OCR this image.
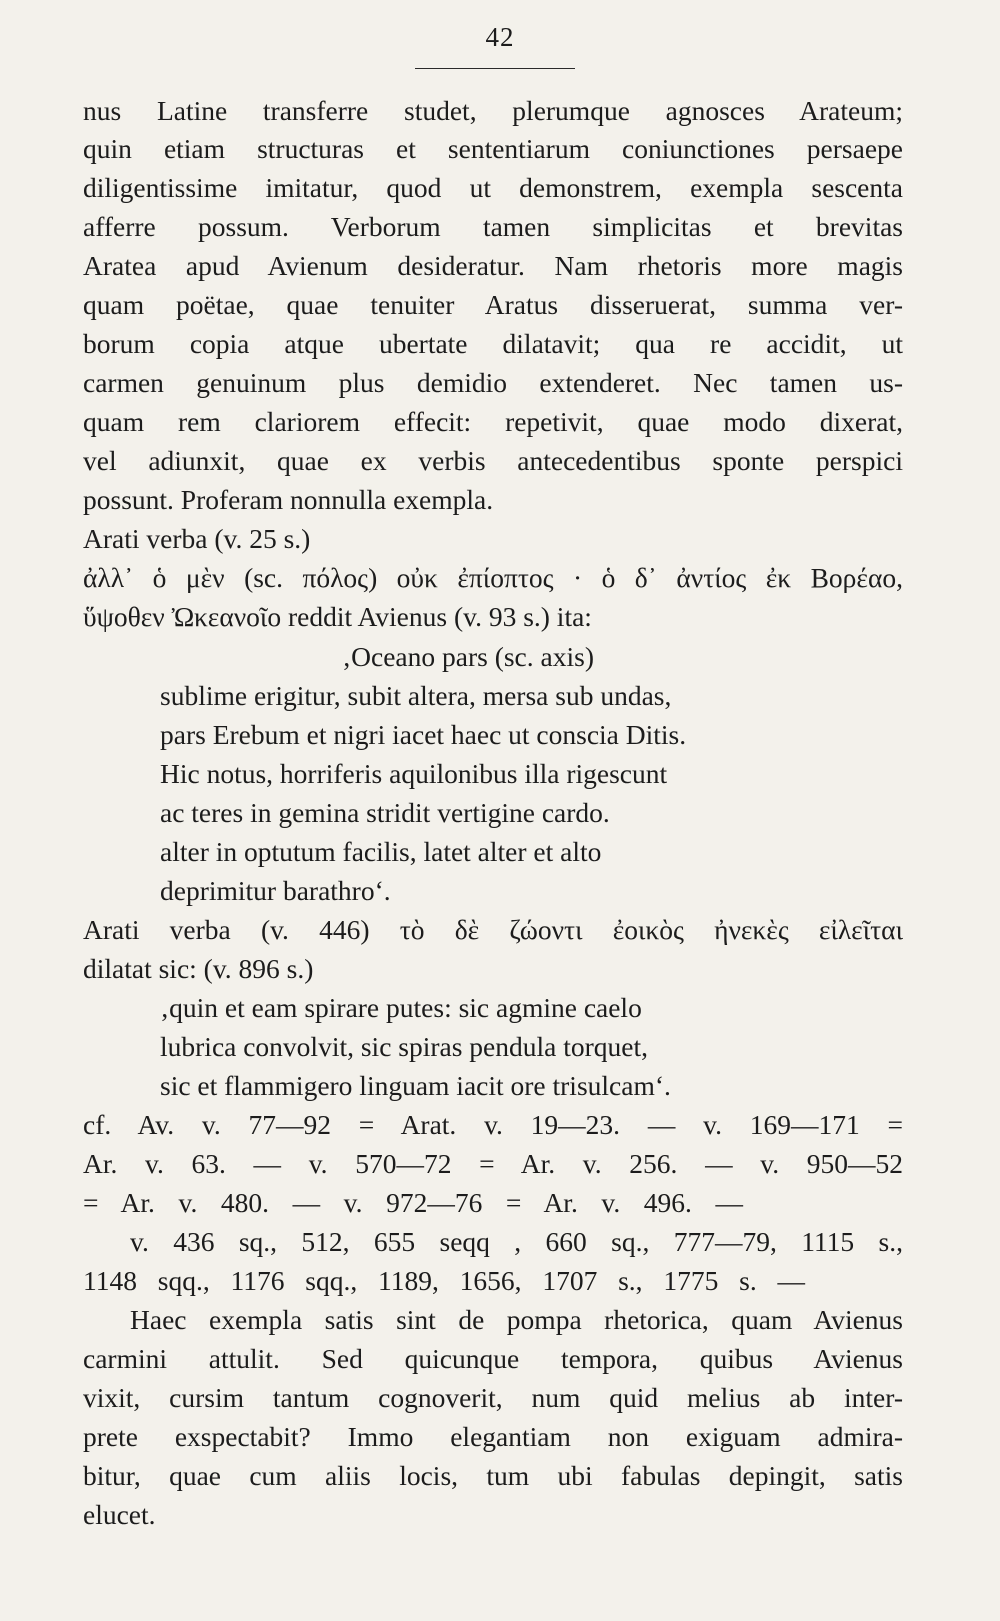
42
nus Latine transferre studet, plerumque agnosces Arateum;
quin etiam structuras et sententiarum coniunctiones persaepe
diligentissime imitatur, quod ut demonstrem, exempla sescenta
afferre possum. Verborum tamen simplicitas et brevitas
Aratea apud Avienum desideratur. Nam rhetoris more magis
quam poëtae, quae tenuiter Aratus disseruerat, summa ver-
borum copia atque ubertate dilatavit; qua re accidit, ut
carmen genuinum plus demidio extenderet. Nec tamen us-
quam rem clariorem effecit: repetivit, quae modo dixerat,
vel adiunxit, quae ex verbis antecedentibus sponte perspici
possunt. Proferam nonnulla exempla.
Arati verba (v. 25 s.)
ἀλλ᾽ ὁ μὲν (sc. πόλος) οὐκ ἐπίοπτος · ὁ δ᾽ ἀντίος ἐκ Βορέαο,
ὕψοθεν Ὠκεανοῖο reddit Avienus (v. 93 s.) ita:
‚Oceano pars (sc. axis)
sublime erigitur, subit altera, mersa sub undas,
pars Erebum et nigri iacet haec ut conscia Ditis.
Hic notus, horriferis aquilonibus illa rigescunt
ac teres in gemina stridit vertigine cardo.
alter in optutum facilis, latet alter et alto
deprimitur barathro‘.
Arati verba (v. 446) τὸ δὲ ζώοντι ἐοικὸς ἠνεκὲς εἰλεῖται
dilatat sic: (v. 896 s.)
‚quin et eam spirare putes: sic agmine caelo
lubrica convolvit, sic spiras pendula torquet,
sic et flammigero linguam iacit ore trisulcam‘.
cf. Av. v. 77—92 = Arat. v. 19—23. — v. 169—171 =
Ar. v. 63. — v. 570—72 = Ar. v. 256. — v. 950—52
= Ar. v. 480. — v. 972—76 = Ar. v. 496. —
v. 436 sq., 512, 655 seqq , 660 sq., 777—79, 1115 s.,
1148 sqq., 1176 sqq., 1189, 1656, 1707 s., 1775 s. —
Haec exempla satis sint de pompa rhetorica, quam Avienus
carmini attulit. Sed quicunque tempora, quibus Avienus
vixit, cursim tantum cognoverit, num quid melius ab inter-
prete exspectabit? Immo elegantiam non exiguam admira-
bitur, quae cum aliis locis, tum ubi fabulas depingit, satis
elucet.
